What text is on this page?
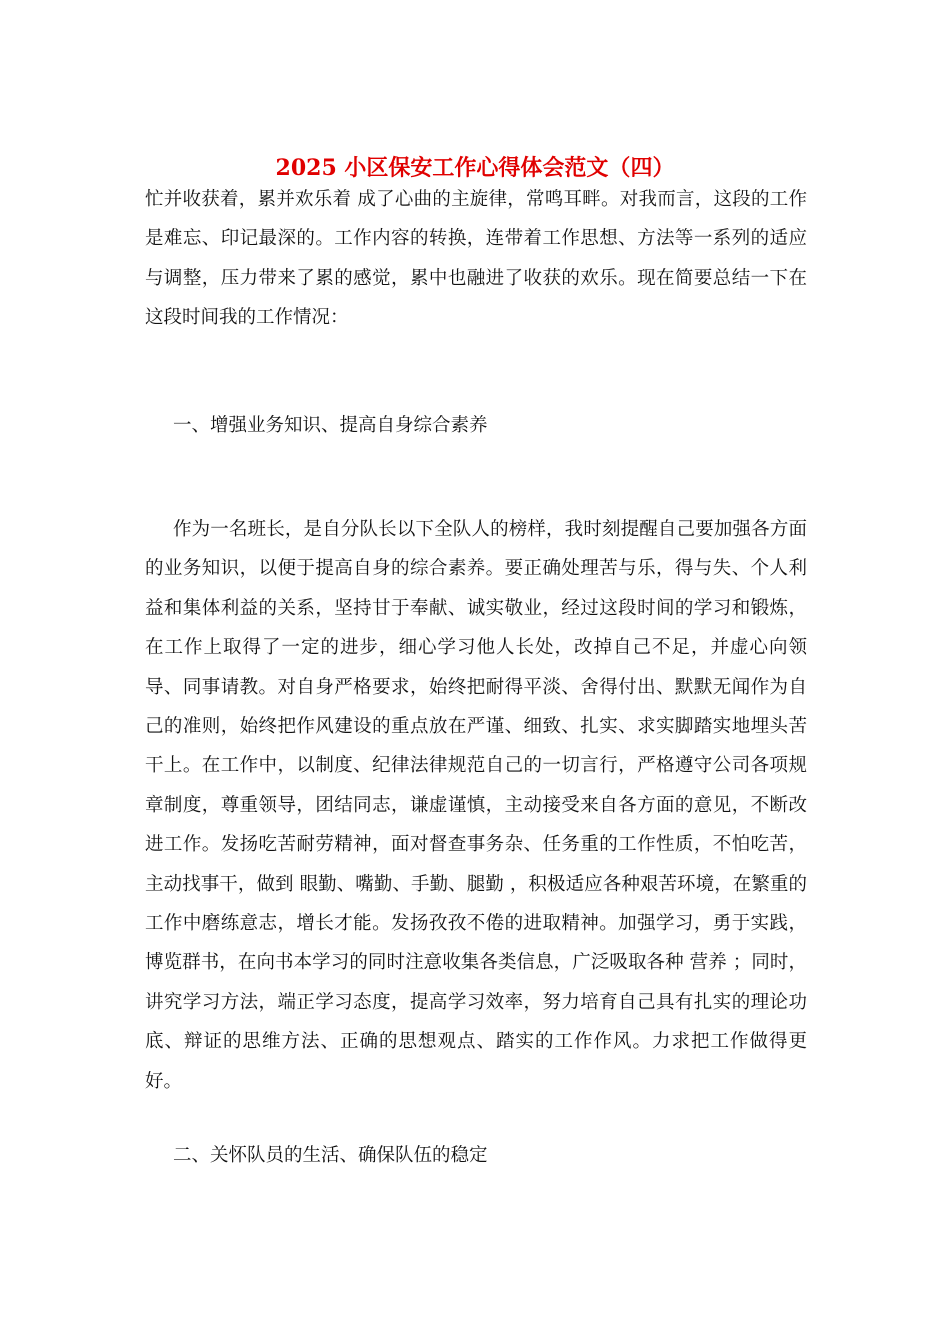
2025 小区保安工作心得体会范文（四）

忙并收获着，累并欢乐着 成了心曲的主旋律，常鸣耳畔。对我而言，这段的工作是难忘、印记最深的。工作内容的转换，连带着工作思想、方法等一系列的适应与调整，压力带来了累的感觉，累中也融进了收获的欢乐。现在简要总结一下在这段时间我的工作情况：

一、增强业务知识、提高自身综合素养

作为一名班长，是自分队长以下全队人的榜样，我时刻提醒自己要加强各方面的业务知识，以便于提高自身的综合素养。要正确处理苦与乐，得与失、个人利益和集体利益的关系，坚持甘于奉献、诚实敬业，经过这段时间的学习和锻炼，在工作上取得了一定的进步，细心学习他人长处，改掉自己不足，并虚心向领导、同事请教。对自身严格要求，始终把耐得平淡、舍得付出、默默无闻作为自己的准则，始终把作风建设的重点放在严谨、细致、扎实、求实脚踏实地埋头苦干上。在工作中，以制度、纪律法律规范自己的一切言行，严格遵守公司各项规章制度，尊重领导，团结同志，谦虚谨慎，主动接受来自各方面的意见，不断改进工作。发扬吃苦耐劳精神，面对督查事务杂、任务重的工作性质，不怕吃苦，主动找事干，做到 眼勤、嘴勤、手勤、腿勤 ，积极适应各种艰苦环境，在繁重的工作中磨练意志，增长才能。发扬孜孜不倦的进取精神。加强学习，勇于实践，博览群书，在向书本学习的同时注意收集各类信息，广泛吸取各种 营养 ；同时，讲究学习方法，端正学习态度，提高学习效率，努力培育自己具有扎实的理论功底、辩证的思维方法、正确的思想观点、踏实的工作作风。力求把工作做得更好。

二、关怀队员的生活、确保队伍的稳定
